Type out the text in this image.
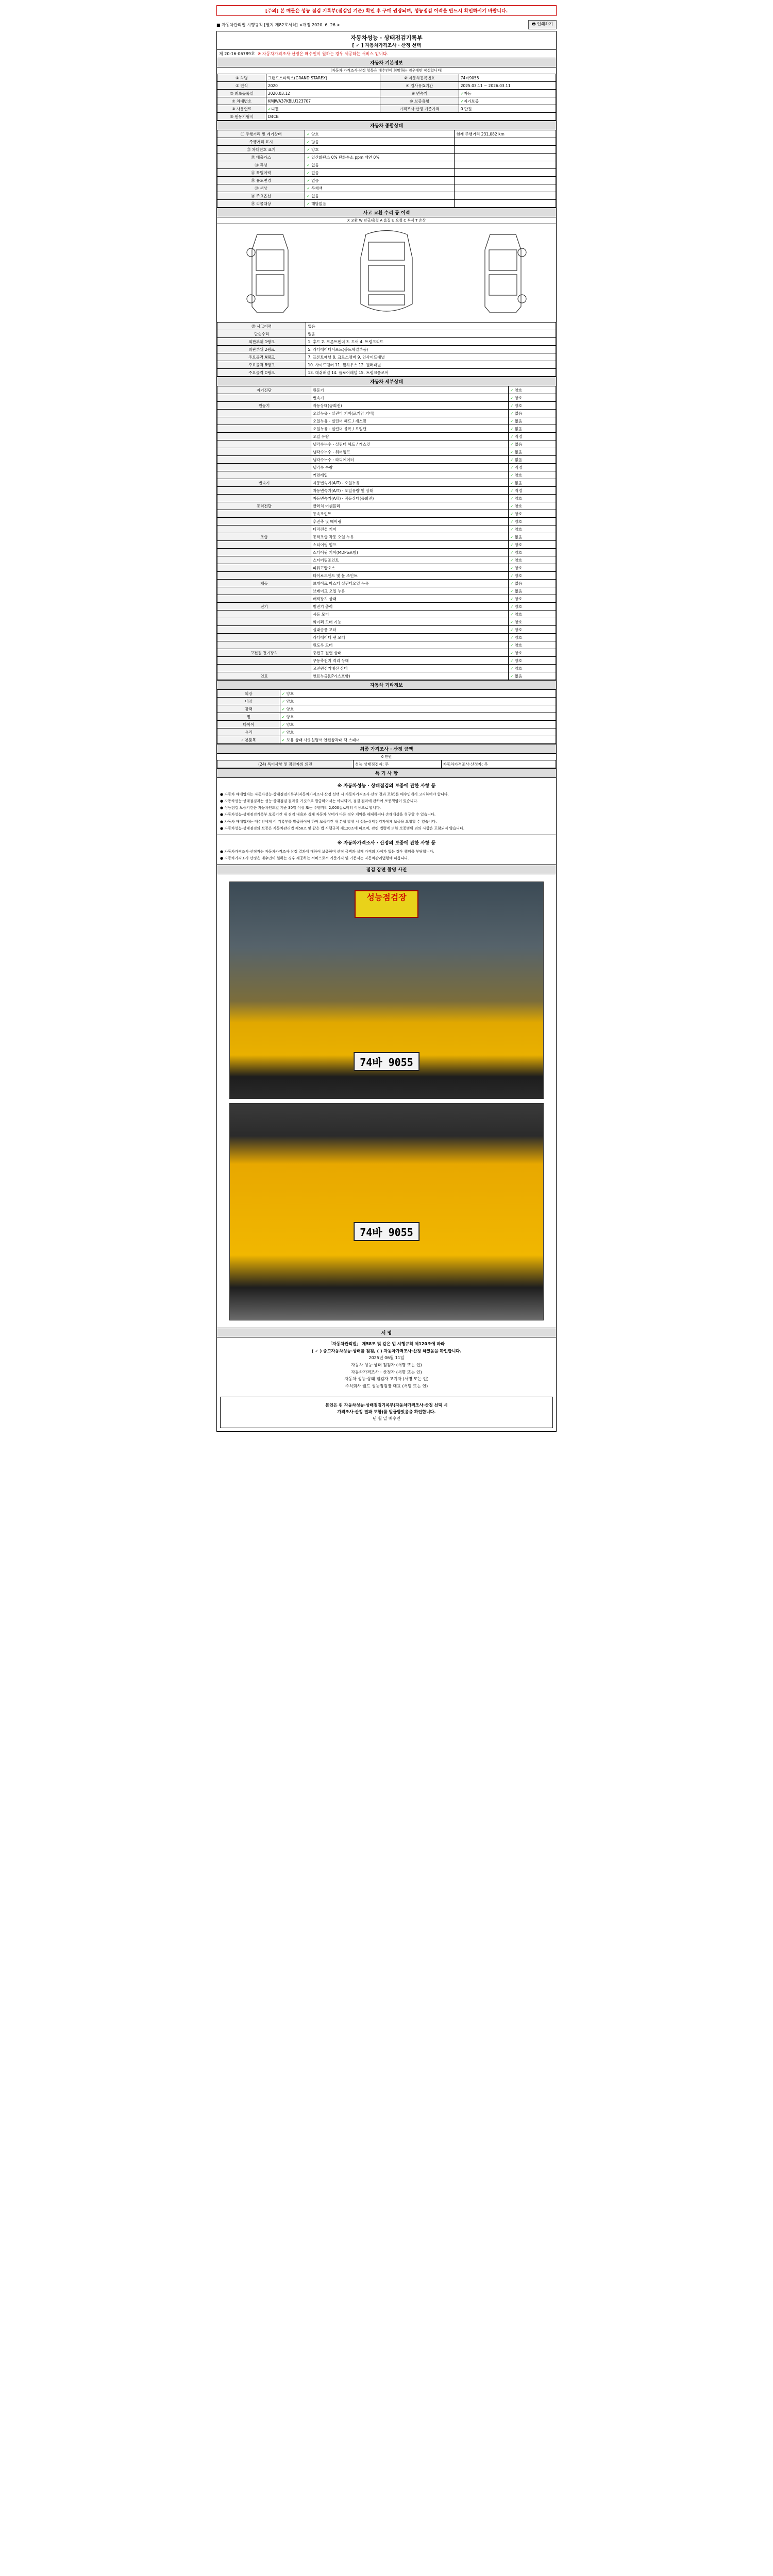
[주의] 본 매물은 성능 점검 기록부(점검일 기준) 확인 후 구매 권장되며, 성능점검 이력을 반드시 확인하시기 바랍니다.
■ 자동차관리법 시행규칙 [별지 제82호서식] <개정 2020. 6. 26.>	🖶 인쇄하기
자동차성능 · 상태점검기록부
[ ✓ ] 자동차가격조사 · 산정 선택
제 20-16-06789호 ※ 자동차가격조사·산정은 매수인이 원하는 경우 제공하는 서비스 입니다.
자동차 기본정보
(자동차 가격조사·산정 항목은 매수인이 희망하는 경우에만 작성합니다)
① 차명	그랜드스타렉스(GRAND STAREX)	② 자동차등록번호	74바9055
③ 연식	2020	④ 검사유효기간	2025.03.11 ~ 2026.03.11
⑤ 최초등록일	2020.03.12	⑥ 변속기	✓자동
⑦ 차대번호	KMJWA37KBLU123707	⑩ 보증유형	✓자가보증
⑧ 사용연료	✓디젤	가격조사·산정 기준가격	0 만원
⑨ 원동기형식	D4CB		
자동차 종합상태
⑪ 주행거리 및 계기상태	✓ 양호	현재 주행거리 231,082 km
주행거리 표시	✓ 많음	
⑫ 차대번호 표기	✓ 양호	
⑬ 배출가스	✓ 일산화탄소 0% 탄화수소 ppm 매연 0%	
⑭ 튜닝	✓ 없음	
⑮ 특별이력	✓ 없음	
⑯ 용도변경	✓ 없음	
⑰ 색상	✓ 무채색	
⑱ 주요옵션	✓ 없음	
⑲ 리콜대상	✓ 해당없음	
사고 교환 수리 등 이력
X 교환 W 판금/용접 A 흠집 U 요철 C 부식 T 손상
⑳ 사고이력	없음
단순수리	없음
외판부위 1랭크	1. 후드 2. 프론트펜더 3. 도어 4. 트렁크리드
외판부위 2랭크	5. 라디에이터서포트(볼트체결부품)
주요골격 A랭크	7. 프론트패널 8. 크로스멤버 9. 인사이드패널
주요골격 B랭크	10. 사이드멤버 11. 휠하우스 12. 필러패널
주요골격 C랭크	13. 대쉬패널 14. 플로어패널 15. 트렁크플로어
자동차 세부상태
자기진단	원동기	✓ 양호
	변속기	✓ 양호
원동기	작동상태(공회전)	✓ 양호
	오일누유 - 실린더 커버(로커암 커버)	✓ 없음
	오일누유 - 실린더 헤드 / 개스킷	✓ 없음
	오일누유 - 실린더 블록 / 오일팬	✓ 없음
	오일 유량	✓ 적정
	냉각수누수 - 실린더 헤드 / 개스킷	✓ 없음
	냉각수누수 - 워터펌프	✓ 없음
	냉각수누수 - 라디에이터	✓ 없음
	냉각수 수량	✓ 적정
	커먼레일	✓ 양호
변속기	자동변속기(A/T) - 오일누유	✓ 없음
	자동변속기(A/T) - 오일유량 및 상태	✓ 적정
	자동변속기(A/T) - 작동상태(공회전)	✓ 양호
동력전달	클러치 어셈블리	✓ 양호
	등속조인트	✓ 양호
	추진축 및 베어링	✓ 양호
	디퍼렌셜 기어	✓ 양호
조향	동력조향 작동 오일 누유	✓ 없음
	스티어링 펌프	✓ 양호
	스티어링 기어(MDPS포함)	✓ 양호
	스티어링조인트	✓ 양호
	파워고압호스	✓ 양호
	타이로드엔드 및 볼 조인트	✓ 양호
제동	브레이크 마스터 실린더오일 누유	✓ 없음
	브레이크 오일 누유	✓ 없음
	배력장치 상태	✓ 양호
전기	발전기 출력	✓ 양호
	시동 모터	✓ 양호
	와이퍼 모터 기능	✓ 양호
	실내송풍 모터	✓ 양호
	라디에이터 팬 모터	✓ 양호
	윈도우 모터	✓ 양호
고전원 전기장치	충전구 절연 상태	✓ 양호
	구동축전지 격리 상태	✓ 양호
	고전원전기배선 상태	✓ 양호
연료	연료누출(LP가스포함)	✓ 없음
자동차 기타정보
외장	✓ 양호
내장	✓ 양호
광택	✓ 양호
휠	✓ 양호
타이어	✓ 양호
유리	✓ 양호
기본품목	✓ 보유 상태 사용설명서 안전삼각대 잭 스패너
최종 가격조사 · 산정 금액
0 만원
(24) 특이사항 및 점검자의 의견	성능·상태점검자: 무	자동차가격조사·산정자: 무
특 기 사 항
※ 자동차성능 · 상태점검의 보증에 관한 사항 등

● 자동차 매매업자는 자동차성능·상태점검기록부(자동차가격조사·산정 선택 시 자동차가격조사·산정 결과 포함)를 매수인에게 고지하여야 합니다.

● 자동차성능·상태점검자는 성능·상태점검 결과를 거짓으로 발급하여서는 아니되며, 점검 결과에 관하여 보증책임이 있습니다.

● 성능점검 보증기간은 자동차인도일 기준 30일 이상 또는 주행거리 2,000킬로미터 이상으로 합니다.

● 자동차성능·상태점검기록부 보증기간 내 점검 내용과 실제 자동차 상태가 다른 경우 계약을 해제하거나 손해배상을 청구할 수 있습니다.

● 자동차 매매업자는 매수인에게 이 기록부를 발급하여야 하며 보증기간 내 분쟁 발생 시 성능·상태점검자에게 보증을 요청할 수 있습니다.

● 자동차성능·상태점검의 보증은 자동차관리법 제58조 및 같은 법 시행규칙 제120조에 따르며, 관련 법령에 의한 보증범위 외의 사항은 포함되지 않습니다.

※ 자동차가격조사 · 산정의 보증에 관한 사항 등

● 자동차가격조사·산정자는 자동차가격조사·산정 결과에 대하여 보증하며 산정 금액과 실제 가격의 차이가 있는 경우 책임을 부담합니다.

● 자동차가격조사·산정은 매수인이 원하는 경우 제공하는 서비스로서 기준가격 및 기준서는 자동차관리법령에 따릅니다.

점검 장면 촬영 사진
성능점검장
74바 9055
74바 9055
서 명
「자동차관리법」 제58조 및 같은 법 시행규칙 제120조에 따라
( ✓ ) 중고자동차성능·상태를 점검, ( ) 자동차가격조사·산정 하였음을 확인합니다.
2025년 06월 11일
자동차 성능·상태 점검자 (서명 또는 인)
자동차가격조사 · 산정자 (서명 또는 인)
자동차 성능·상태 점검자 고지자 (서명 또는 인)
주식회사 월드 성능점검장 대표 (서명 또는 인)
본인은 위 자동차성능·상태점검기록부(자동차가격조사·산정 선택 시
가격조사·산정 결과 포함)를 발급받았음을 확인합니다.
년 월 일 매수인
